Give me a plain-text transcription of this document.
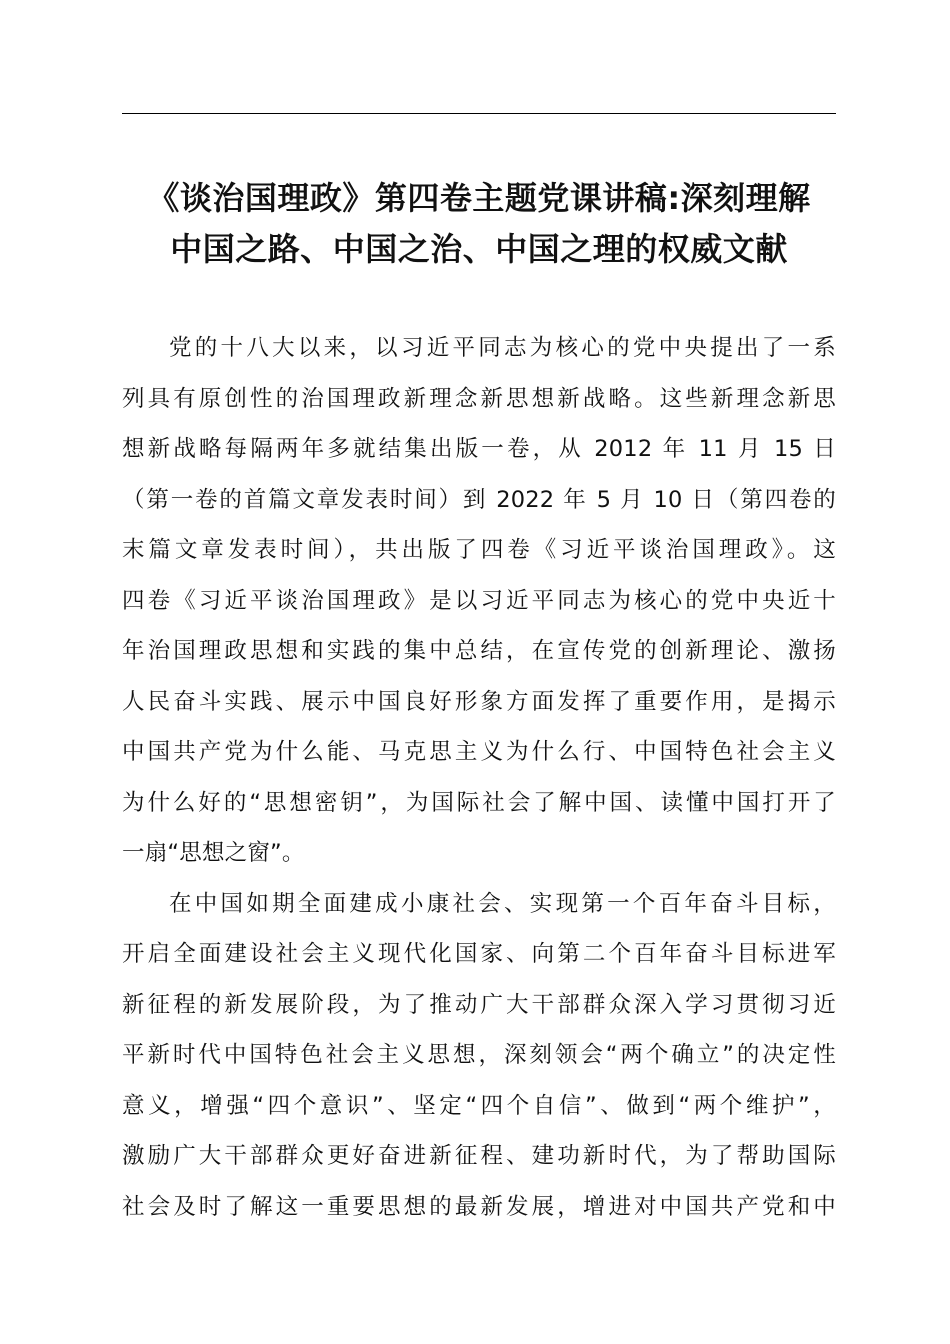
《谈治国理政》第四卷主题党课讲稿:深刻理解
中国之路、中国之治、中国之理的权威文献
党的十八大以来，以习近平同志为核心的党中央提出了一系
列具有原创性的治国理政新理念新思想新战略。这些新理念新思
想新战略每隔两年多就结集出版一卷，从 2012 年 11 月 15 日
（第一卷的首篇文章发表时间）到 2022 年 5 月 10 日（第四卷的
末篇文章发表时间），共出版了四卷《习近平谈治国理政》。这
四卷《习近平谈治国理政》是以习近平同志为核心的党中央近十
年治国理政思想和实践的集中总结，在宣传党的创新理论、激扬
人民奋斗实践、展示中国良好形象方面发挥了重要作用，是揭示
中国共产党为什么能、马克思主义为什么行、中国特色社会主义
为什么好的“思想密钥”，为国际社会了解中国、读懂中国打开了
一扇“思想之窗”。
在中国如期全面建成小康社会、实现第一个百年奋斗目标，
开启全面建设社会主义现代化国家、向第二个百年奋斗目标进军
新征程的新发展阶段，为了推动广大干部群众深入学习贯彻习近
平新时代中国特色社会主义思想，深刻领会“两个确立”的决定性
意义，增强“四个意识”、坚定“四个自信”、做到“两个维护”，
激励广大干部群众更好奋进新征程、建功新时代，为了帮助国际
社会及时了解这一重要思想的最新发展，增进对中国共产党和中
